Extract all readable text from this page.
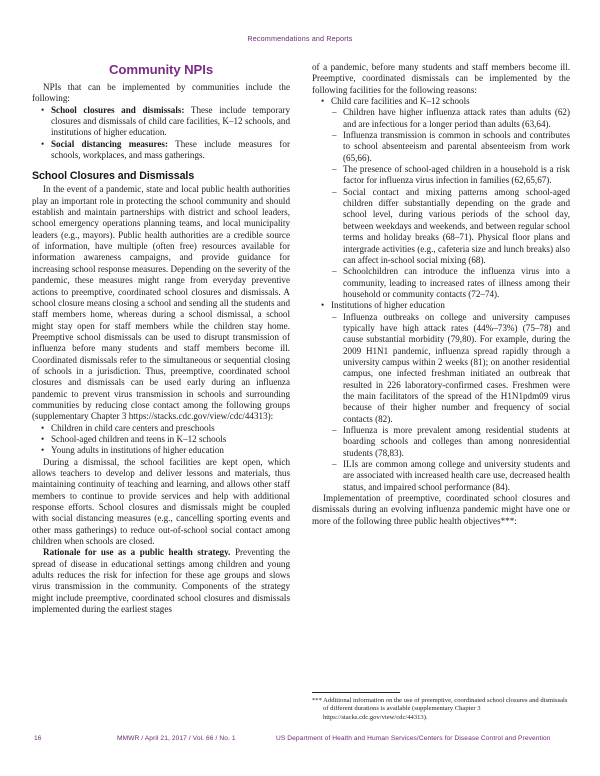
Recommendations and Reports
Community NPIs

NPIs that can be implemented by communities include the following:

• School closures and dismissals: These include temporary closures and dismissals of child care facilities, K–12 schools, and institutions of higher education.
• Social distancing measures: These include measures for schools, workplaces, and mass gatherings.
School Closures and Dismissals

In the event of a pandemic, state and local public health authorities play an important role in protecting the school community and should establish and maintain partnerships with district and school leaders, school emergency operations planning teams, and local municipality leaders (e.g., mayors). Public health authorities are a credible source of information, have multiple (often free) resources available for information awareness campaigns, and provide guidance for increasing school response measures. Depending on the severity of the pandemic, these measures might range from everyday preventive actions to preemptive, coordinated school closures and dismissals. A school closure means closing a school and sending all the students and staff members home, whereas during a school dismissal, a school might stay open for staff members while the children stay home. Preemptive school dismissals can be used to disrupt transmission of influenza before many students and staff members become ill. Coordinated dismissals refer to the simultaneous or sequential closing of schools in a jurisdiction. Thus, preemptive, coordinated school closures and dismissals can be used early during an influenza pandemic to prevent virus transmission in schools and surrounding communities by reducing close contact among the following groups (supplementary Chapter 3 https://stacks.cdc.gov/view/cdc/44313):

• Children in child care centers and preschools
• School-aged children and teens in K–12 schools
• Young adults in institutions of higher education

During a dismissal, the school facilities are kept open, which allows teachers to develop and deliver lessons and materials, thus maintaining continuity of teaching and learning, and allows other staff members to continue to provide services and help with additional response efforts. School closures and dismissals might be coupled with social distancing measures (e.g., cancelling sporting events and other mass gatherings) to reduce out-of-school social contact among children when schools are closed.

Rationale for use as a public health strategy. Preventing the spread of disease in educational settings among children and young adults reduces the risk for infection for these age groups and slows virus transmission in the community. Components of the strategy might include preemptive, coordinated school closures and dismissals implemented during the earliest stages

of a pandemic, before many students and staff members become ill. Preemptive, coordinated dismissals can be implemented by the following facilities for the following reasons:

• Child care facilities and K–12 schools
– Children have higher influenza attack rates than adults (62) and are infectious for a longer period than adults (63,64).
– Influenza transmission is common in schools and contributes to school absenteeism and parental absenteeism from work (65,66).
– The presence of school-aged children in a household is a risk factor for influenza virus infection in families (62,65,67).
– Social contact and mixing patterns among school-aged children differ substantially depending on the grade and school level, during various periods of the school day, between weekdays and weekends, and between regular school terms and holiday breaks (68–71). Physical floor plans and intergrade activities (e.g., cafeteria size and lunch breaks) also can affect in-school social mixing (68).
– Schoolchildren can introduce the influenza virus into a community, leading to increased rates of illness among their household or community contacts (72–74).
• Institutions of higher education
– Influenza outbreaks on college and university campuses typically have high attack rates (44%–73%) (75–78) and cause substantial morbidity (79,80). For example, during the 2009 H1N1 pandemic, influenza spread rapidly through a university campus within 2 weeks (81); on another residential campus, one infected freshman initiated an outbreak that resulted in 226 laboratory-confirmed cases. Freshmen were the main facilitators of the spread of the H1N1pdm09 virus because of their higher number and frequency of social contacts (82).
– Influenza is more prevalent among residential students at boarding schools and colleges than among nonresidential students (78,83).
– ILIs are common among college and university students and are associated with increased health care use, decreased health status, and impaired school performance (84).

Implementation of preemptive, coordinated school closures and dismissals during an evolving influenza pandemic might have one or more of the following three public health objectives***:

*** Additional information on the use of preemptive, coordinated school closures and dismissals of different durations is available (supplementary Chapter 3 https://stacks.cdc.gov/view/cdc/44313).

16	MMWR / April 21, 2017 / Vol. 66 / No. 1	US Department of Health and Human Services/Centers for Disease Control and Prevention
